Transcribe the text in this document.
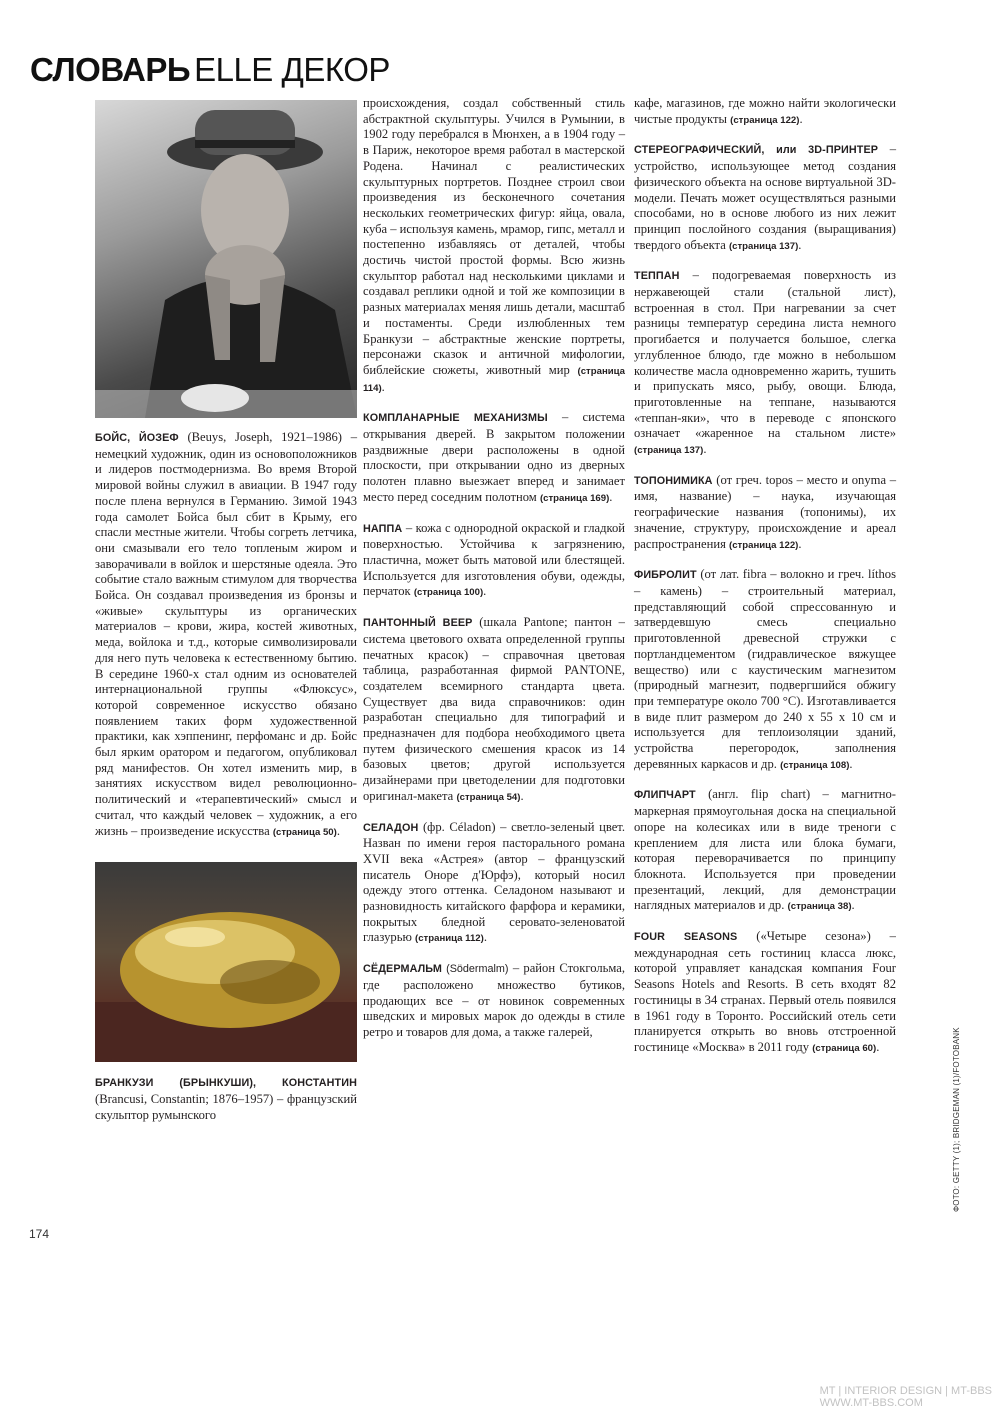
СЛОВАРЬ ELLE ДЕКОР

БОЙС, ЙОЗЕФ (Beuys, Joseph, 1921–1986) – немецкий художник, один из основоположников и лидеров постмодернизма. Во время Второй мировой войны служил в авиации. В 1947 году после плена вернулся в Германию. Зимой 1943 года самолет Бойса был сбит в Крыму, его спасли местные жители. Чтобы согреть летчика, они смазывали его тело топленым жиром и заворачивали в войлок и шерстяные одеяла. Это событие стало важным стимулом для творчества Бойса. Он создавал произведения из бронзы и «живые» скульптуры из органических материалов – крови, жира, костей животных, меда, войлока и т.д., которые символизировали для него путь человека к естественному бытию. В середине 1960-х стал одним из основателей интернациональной группы «Флюксус», которой современное искусство обязано появлением таких форм художественной практики, как хэппенинг, перфоманс и др. Бойс был ярким оратором и педагогом, опубликовал ряд манифестов. Он хотел изменить мир, в занятиях искусством видел революционно-политический и «терапевтический» смысл и считал, что каждый человек – художник, а его жизнь – произведение искусства (страница 50).

БРАНКУЗИ (БРЫНКУШИ), КОНСТАНТИН (Brancusi, Constantin; 1876–1957) – французский скульптор румынского

происхождения, создал собственный стиль абстрактной скульптуры. Учился в Румынии, в 1902 году перебрался в Мюнхен, а в 1904 году – в Париж, некоторое время работал в мастерской Родена. Начинал с реалистических скульптурных портретов. Позднее строил свои произведения из бесконечного сочетания нескольких геометрических фигур: яйца, овала, куба – используя камень, мрамор, гипс, металл и постепенно избавляясь от деталей, чтобы достичь чистой простой формы. Всю жизнь скульптор работал над несколькими циклами и создавал реплики одной и той же композиции в разных материалах меняя лишь детали, масштаб и постаменты. Среди излюбленных тем Бранкузи – абстрактные женские портреты, персонажи сказок и античной мифологии, библейские сюжеты, животный мир (страница 114).

КОМПЛАНАРНЫЕ МЕХАНИЗМЫ – система открывания дверей. В закрытом положении раздвижные двери расположены в одной плоскости, при открывании одно из дверных полотен плавно выезжает вперед и занимает место перед соседним полотном (страница 169).

НАППА – кожа с однородной окраской и гладкой поверхностью. Устойчива к загрязнению, пластична, может быть матовой или блестящей. Используется для изготовления обуви, одежды, перчаток (страница 100).

ПАНТОННЫЙ ВЕЕР (шкала Pantone; пантон – система цветового охвата определенной группы печатных красок) – справочная цветовая таблица, разработанная фирмой PANTONE, создателем всемирного стандарта цвета. Существует два вида справочников: один разработан специально для типографий и предназначен для подбора необходимого цвета путем физического смешения красок из 14 базовых цветов; другой используется дизайнерами при цветоделении для подготовки оригинал-макета (страница 54).

СЕЛАДОН (фр. Céladon) – светло-зеленый цвет. Назван по имени героя пасторального романа XVII века «Астрея» (автор – французский писатель Оноре д'Юрфэ), который носил одежду этого оттенка. Селадоном называют и разновидность китайского фарфора и керамики, покрытых бледной серовато-зеленоватой глазурью (страница 112).

СЁДЕРМАЛЬМ (Södermalm) – район Стокгольма, где расположено множество бутиков, продающих все – от новинок современных шведских и мировых марок до одежды в стиле ретро и товаров для дома, а также галерей,

кафе, магазинов, где можно найти экологически чистые продукты (страница 122).

СТЕРЕОГРАФИЧЕСКИЙ, или 3D-ПРИНТЕР – устройство, использующее метод создания физического объекта на основе виртуальной 3D-модели. Печать может осуществляться разными способами, но в основе любого из них лежит принцип послойного создания (выращивания) твердого объекта (страница 137).

ТЕППАН – подогреваемая поверхность из нержавеющей стали (стальной лист), встроенная в стол. При нагревании за счет разницы температур середина листа немного прогибается и получается большое, слегка углубленное блюдо, где можно в небольшом количестве масла одновременно жарить, тушить и припускать мясо, рыбу, овощи. Блюда, приготовленные на теппане, называются «теппан-яки», что в переводе с японского означает «жаренное на стальном листе» (страница 137).

ТОПОНИМИКА (от греч. topos – место и onyma – имя, название) – наука, изучающая географические названия (топонимы), их значение, структуру, происхождение и ареал распространения (страница 122).

ФИБРОЛИТ (от лат. fibra – волокно и греч. líthos – камень) – строительный материал, представляющий собой спрессованную и затвердевшую смесь специально приготовленной древесной стружки с портландцементом (гидравлическое вяжущее вещество) или с каустическим магнезитом (природный магнезит, подвергшийся обжигу при температуре около 700 °С). Изготавливается в виде плит размером до 240 х 55 х 10 см и используется для теплоизоляции зданий, устройства перегородок, заполнения деревянных каркасов и др. (страница 108).

ФЛИПЧАРТ (англ. flip chart) – магнитно-маркерная прямоугольная доска на специальной опоре на колесиках или в виде треноги с креплением для листа или блока бумаги, которая переворачивается по принципу блокнота. Используется при проведении презентаций, лекций, для демонстрации наглядных материалов и др. (страница 38).

FOUR SEASONS («Четыре сезона») – международная сеть гостиниц класса люкс, которой управляет канадская компания Four Seasons Hotels and Resorts. В сеть входят 82 гостиницы в 34 странах. Первый отель появился в 1961 году в Торонто. Российский отель сети планируется открыть во вновь отстроенной гостинице «Москва» в 2011 году (страница 60).

174
ФОТО: GETTY (1); BRIDGEMAN (1)/FOTOBANK
MT | INTERIOR DESIGN | MT-BBS
WWW.MT-BBS.COM
